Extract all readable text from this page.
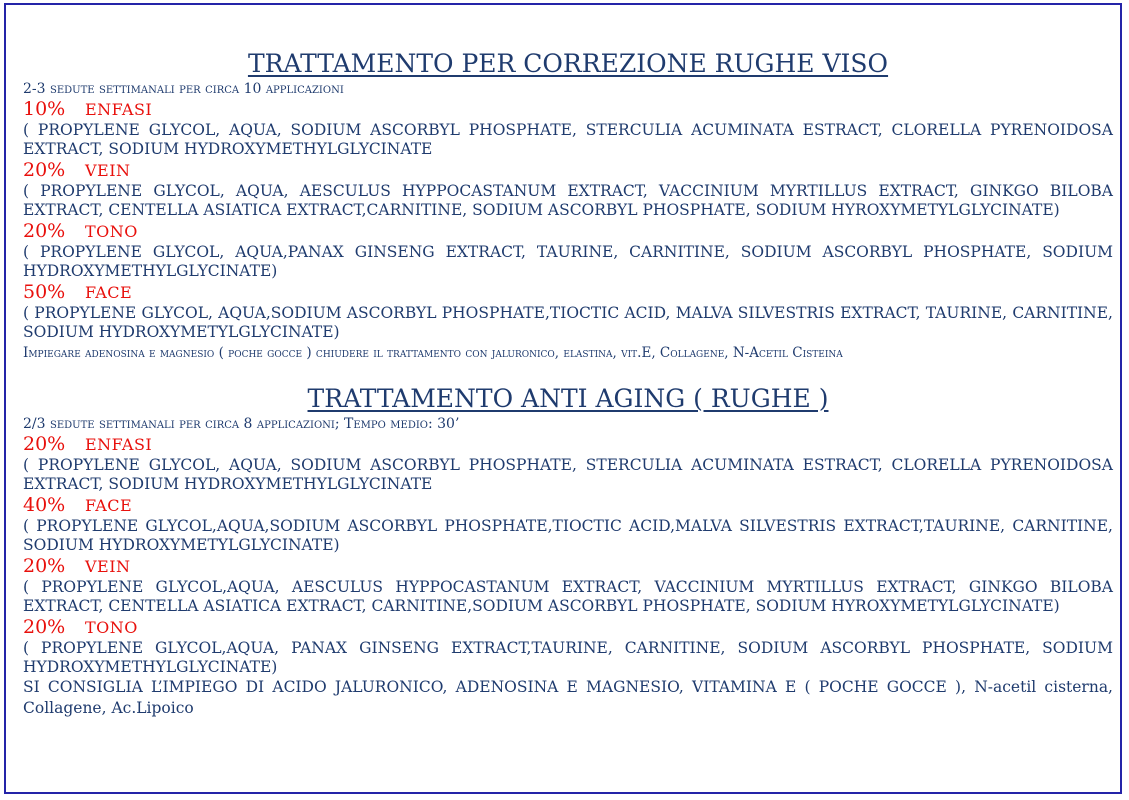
TRATTAMENTO PER CORREZIONE RUGHE VISO
2-3 sedute settimanali per circa 10 applicazioni
10% ENFASI
( PROPYLENE GLYCOL, AQUA, SODIUM ASCORBYL PHOSPHATE, STERCULIA ACUMINATA ESTRACT, CLORELLA PYRENOIDOSA EXTRACT, SODIUM HYDROXYMETHYLGLYCINATE
20% VEIN
( PROPYLENE GLYCOL, AQUA, AESCULUS HYPPOCASTANUM EXTRACT, VACCINIUM MYRTILLUS EXTRACT, GINKGO BILOBA EXTRACT, CENTELLA ASIATICA EXTRACT,CARNITINE, SODIUM ASCORBYL PHOSPHATE, SODIUM HYROXYMETYLGLYCINATE)
20% TONO
( PROPYLENE GLYCOL, AQUA,PANAX GINSENG EXTRACT, TAURINE, CARNITINE, SODIUM ASCORBYL PHOSPHATE, SODIUM HYDROXYMETHYLGLYCINATE)
50% FACE
( PROPYLENE GLYCOL, AQUA,SODIUM ASCORBYL PHOSPHATE,TIOCTIC ACID, MALVA SILVESTRIS EXTRACT, TAURINE, CARNITINE, SODIUM HYDROXYMETYLGLYCINATE)
Impiegare adenosina e magnesio ( poche gocce ) chiudere il trattamento con jaluronico, elastina, vit.E, Collagene, N-Acetil Cisteina
TRATTAMENTO ANTI AGING ( RUGHE )
2/3 sedute settimanali per circa 8 applicazioni; Tempo medio: 30’
20% ENFASI
( PROPYLENE GLYCOL, AQUA, SODIUM ASCORBYL PHOSPHATE, STERCULIA ACUMINATA ESTRACT, CLORELLA PYRENOIDOSA EXTRACT, SODIUM HYDROXYMETHYLGLYCINATE
40% FACE
( PROPYLENE GLYCOL,AQUA,SODIUM ASCORBYL PHOSPHATE,TIOCTIC ACID,MALVA SILVESTRIS EXTRACT,TAURINE, CARNITINE, SODIUM HYDROXYMETYLGLYCINATE)
20% VEIN
( PROPYLENE GLYCOL,AQUA, AESCULUS HYPPOCASTANUM EXTRACT, VACCINIUM MYRTILLUS EXTRACT, GINKGO BILOBA EXTRACT, CENTELLA ASIATICA EXTRACT, CARNITINE,SODIUM ASCORBYL PHOSPHATE, SODIUM HYROXYMETYLGLYCINATE)
20% TONO
( PROPYLENE GLYCOL,AQUA, PANAX GINSENG EXTRACT,TAURINE, CARNITINE, SODIUM ASCORBYL PHOSPHATE, SODIUM HYDROXYMETHYLGLYCINATE)
SI CONSIGLIA L’IMPIEGO DI ACIDO JALURONICO, ADENOSINA E MAGNESIO, VITAMINA E ( POCHE GOCCE ), N-acetil cisterna, Collagene, Ac.Lipoico
